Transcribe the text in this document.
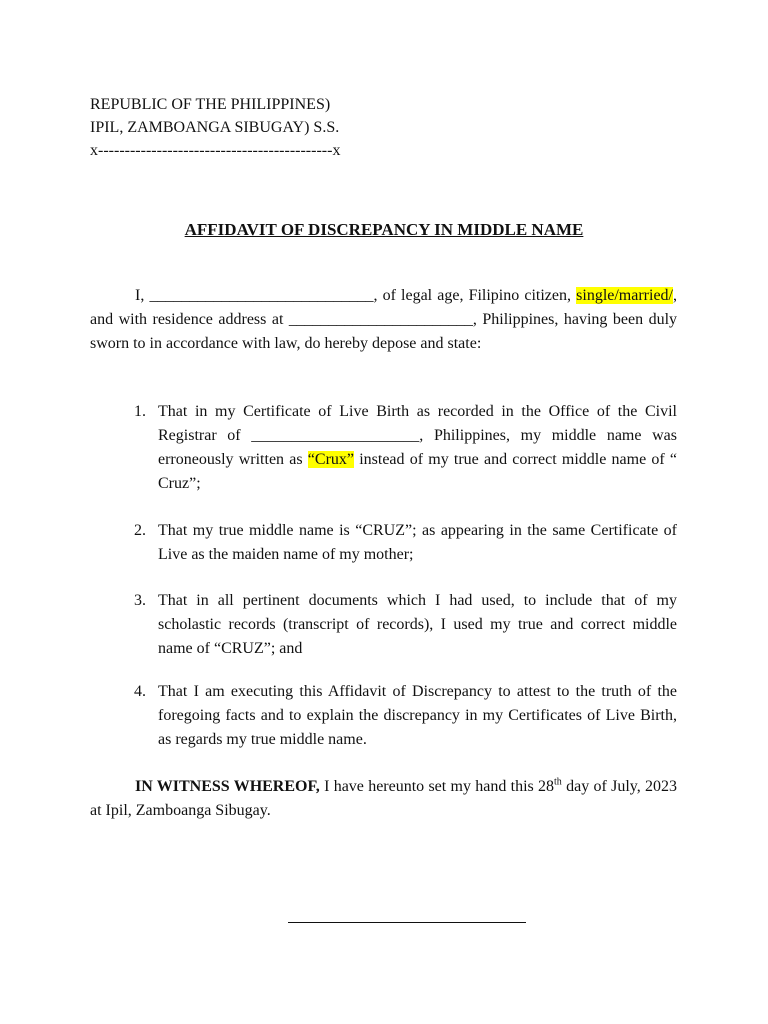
REPUBLIC OF THE PHILIPPINES)
IPIL, ZAMBOANGA SIBUGAY) S.S.
x--------------------------------------------x
AFFIDAVIT OF DISCREPANCY IN MIDDLE NAME
I, ____________________________, of legal age, Filipino citizen, single/married/, and with residence address at _______________________, Philippines, having been duly sworn to in accordance with law, do hereby depose and state:
1. That in my Certificate of Live Birth as recorded in the Office of the Civil Registrar of _____________________, Philippines, my middle name was erroneously written as “Crux” instead of my true and correct middle name of “ Cruz”;
2. That my true middle name is “CRUZ”; as appearing in the same Certificate of Live as the maiden name of my mother;
3. That in all pertinent documents which I had used, to include that of my scholastic records (transcript of records), I used my true and correct middle name of “CRUZ”; and
4. That I am executing this Affidavit of Discrepancy to attest to the truth of the foregoing facts and to explain the discrepancy in my Certificates of Live Birth, as regards my true middle name.
IN WITNESS WHEREOF, I have hereunto set my hand this 28th day of July, 2023 at Ipil, Zamboanga Sibugay.
